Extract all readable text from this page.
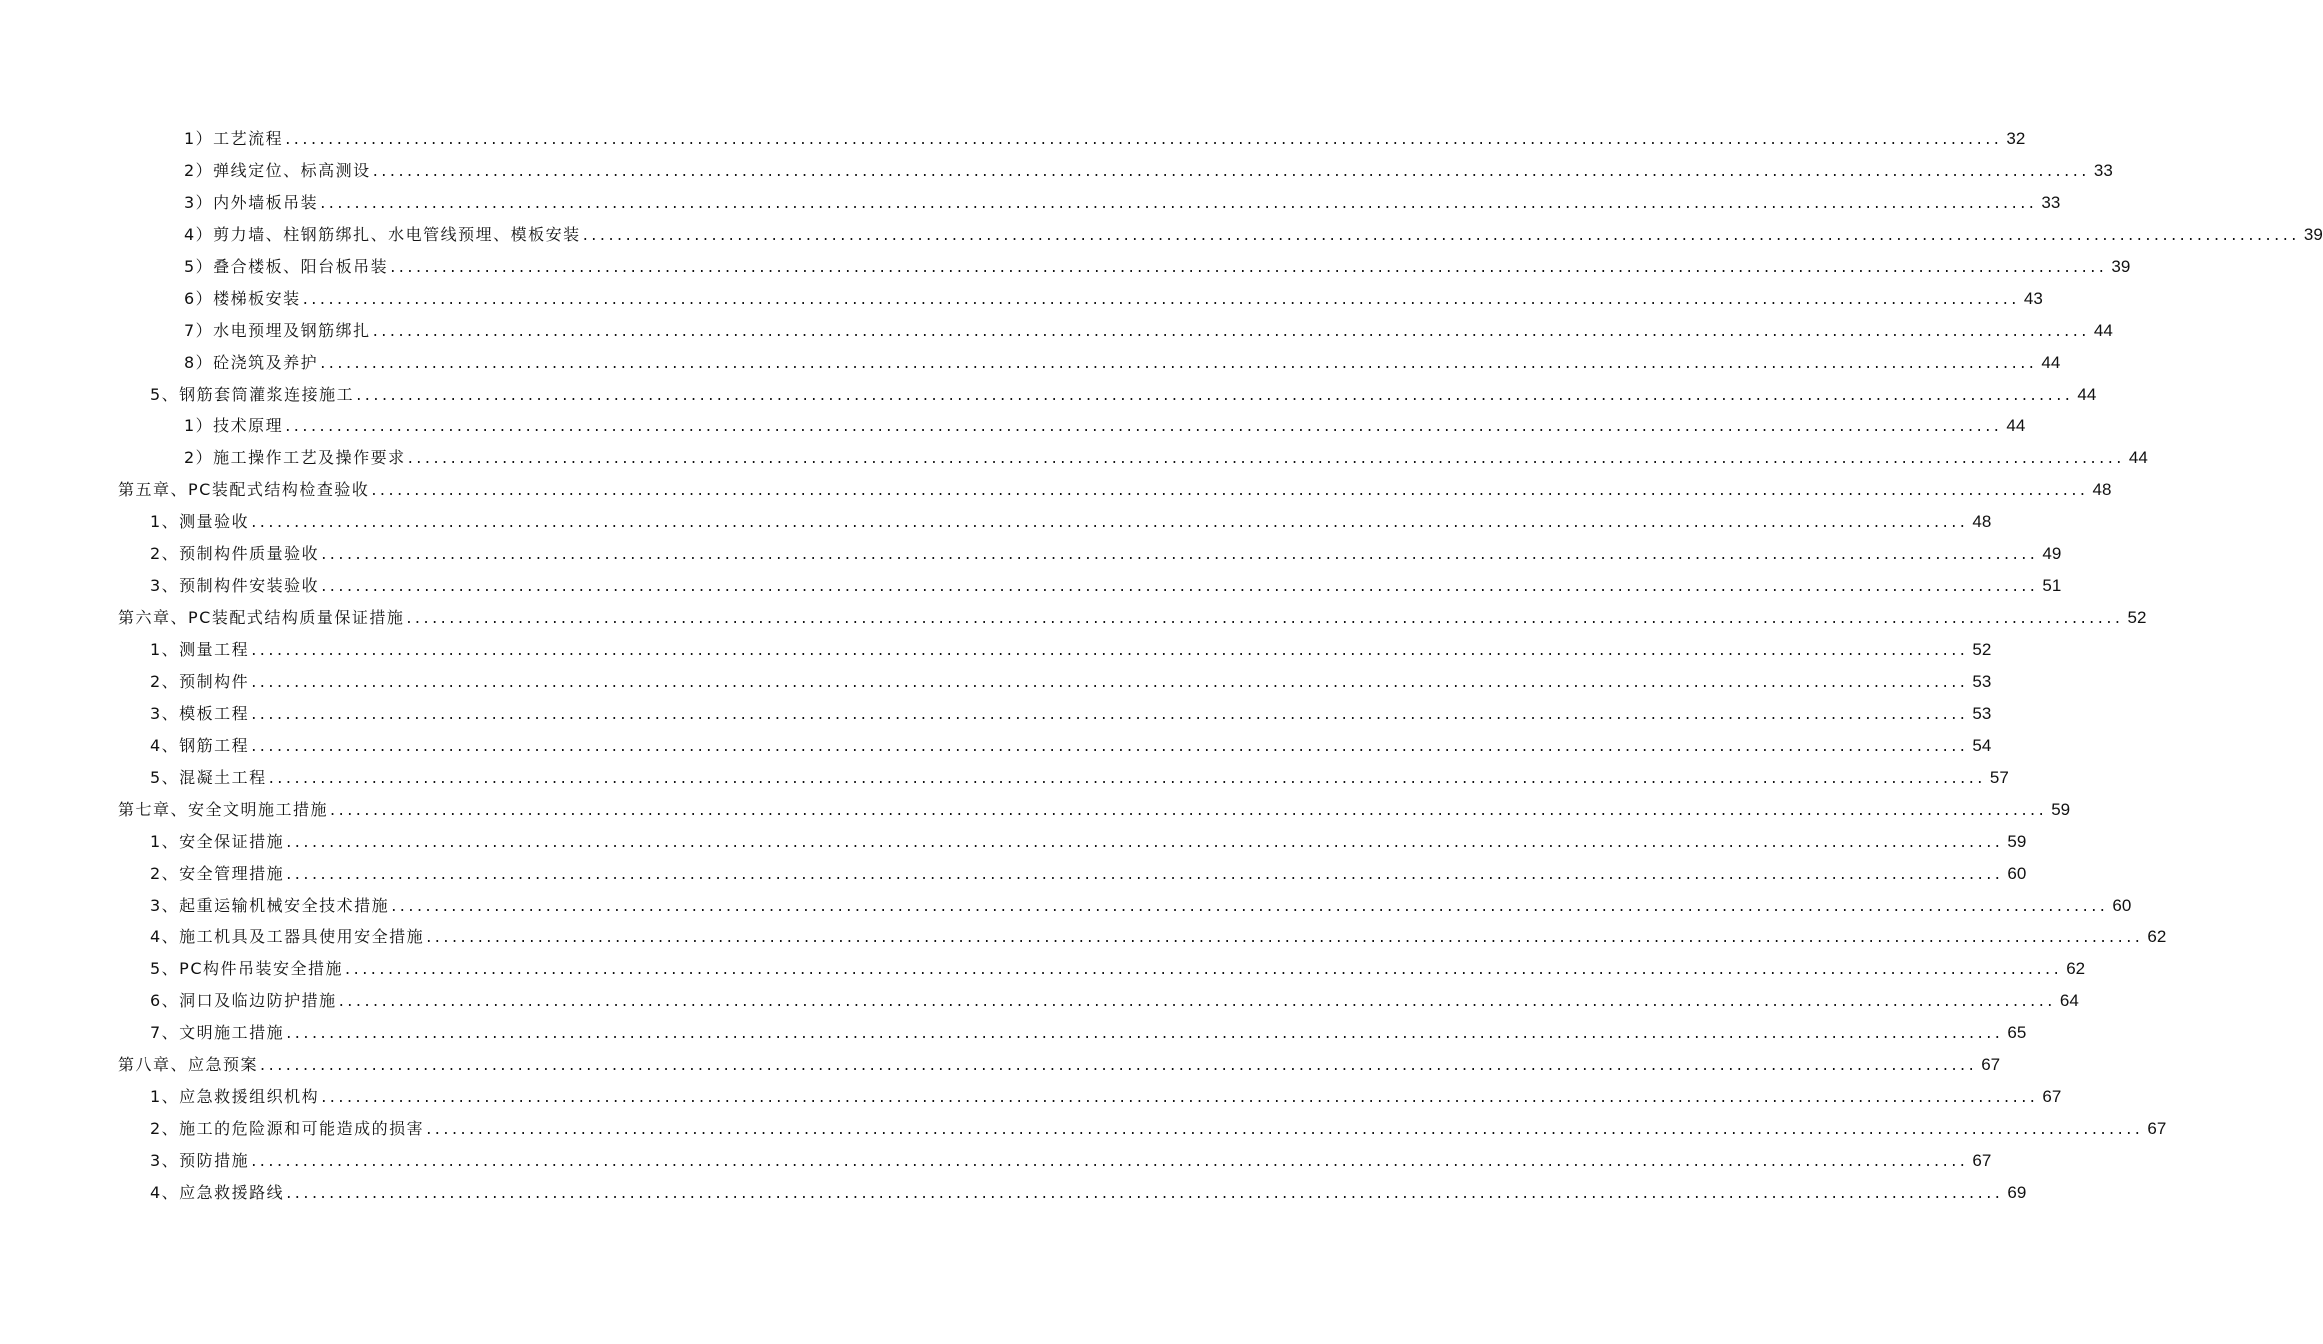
1）工艺流程 ........................................................................................................................................................................................................ 32
2）弹线定位、标高测设 ........................................................................................................................................................................................................ 33
3）内外墙板吊装 ........................................................................................................................................................................................................ 33
4）剪力墙、柱钢筋绑扎、水电管线预埋、模板安装 ........................................................................................................................................................................................................ 39
5）叠合楼板、阳台板吊装 ........................................................................................................................................................................................................ 39
6）楼梯板安装 ........................................................................................................................................................................................................ 43
7）水电预埋及钢筋绑扎 ........................................................................................................................................................................................................ 44
8）砼浇筑及养护 ........................................................................................................................................................................................................ 44
5、钢筋套筒灌浆连接施工 ........................................................................................................................................................................................................ 44
1）技术原理 ........................................................................................................................................................................................................ 44
2）施工操作工艺及操作要求 ........................................................................................................................................................................................................ 44
第五章、PC装配式结构检查验收 ........................................................................................................................................................................................................ 48
1、测量验收 ........................................................................................................................................................................................................ 48
2、预制构件质量验收 ........................................................................................................................................................................................................ 49
3、预制构件安装验收 ........................................................................................................................................................................................................ 51
第六章、PC装配式结构质量保证措施 ........................................................................................................................................................................................................ 52
1、测量工程 ........................................................................................................................................................................................................ 52
2、预制构件 ........................................................................................................................................................................................................ 53
3、模板工程 ........................................................................................................................................................................................................ 53
4、钢筋工程 ........................................................................................................................................................................................................ 54
5、混凝土工程 ........................................................................................................................................................................................................ 57
第七章、安全文明施工措施 ........................................................................................................................................................................................................ 59
1、安全保证措施 ........................................................................................................................................................................................................ 59
2、安全管理措施 ........................................................................................................................................................................................................ 60
3、起重运输机械安全技术措施 ........................................................................................................................................................................................................ 60
4、施工机具及工器具使用安全措施 ........................................................................................................................................................................................................ 62
5、PC构件吊装安全措施 ........................................................................................................................................................................................................ 62
6、洞口及临边防护措施 ........................................................................................................................................................................................................ 64
7、文明施工措施 ........................................................................................................................................................................................................ 65
第八章、应急预案 ........................................................................................................................................................................................................ 67
1、应急救援组织机构 ........................................................................................................................................................................................................ 67
2、施工的危险源和可能造成的损害 ........................................................................................................................................................................................................ 67
3、预防措施 ........................................................................................................................................................................................................ 67
4、应急救援路线 ........................................................................................................................................................................................................ 69
